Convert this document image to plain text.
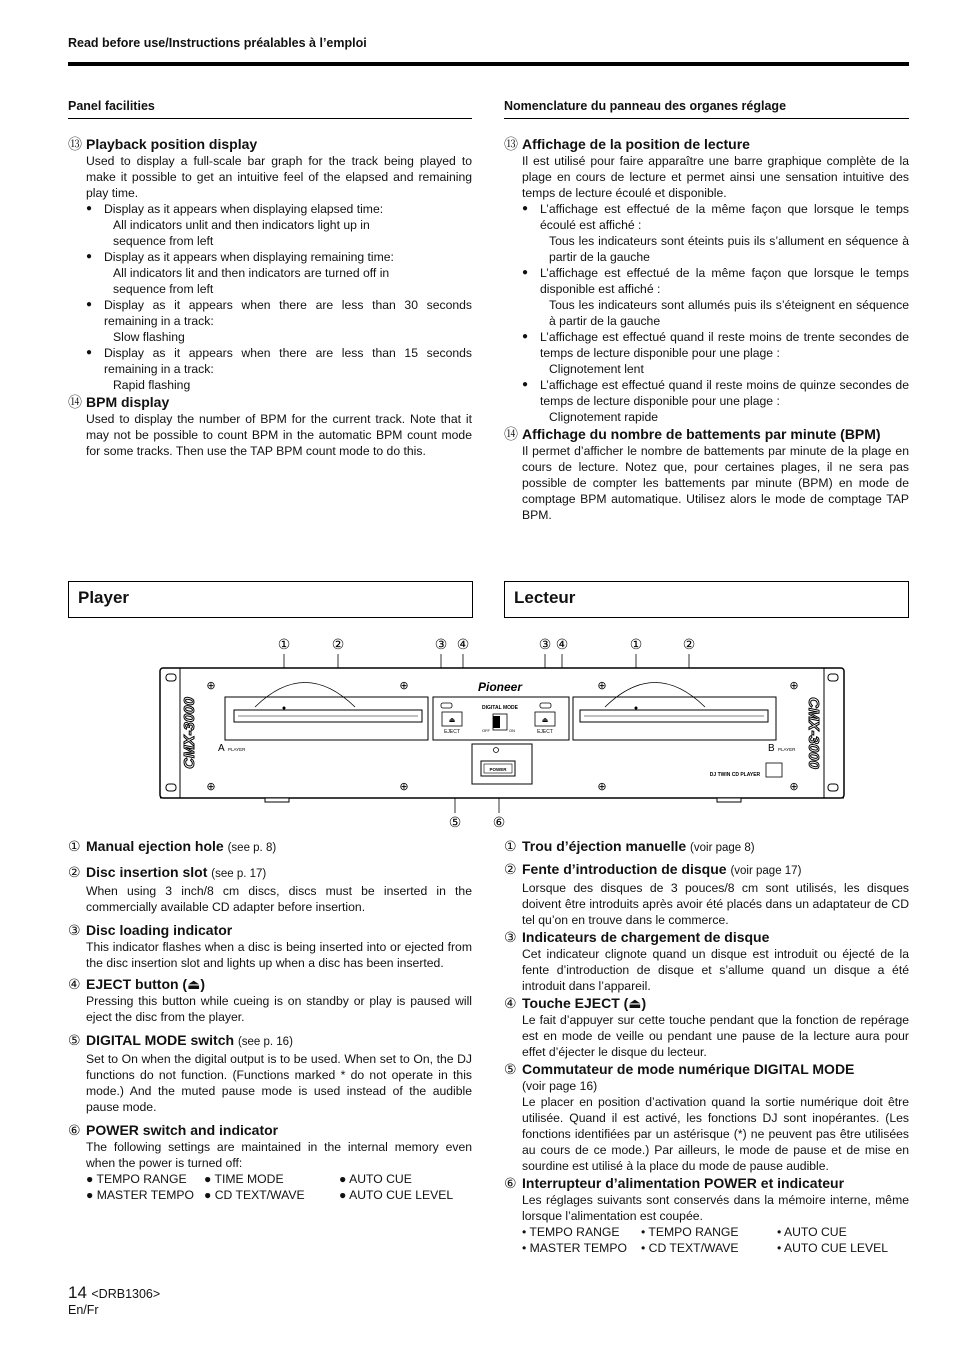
Read before use/Instructions préalables à l’emploi
Panel facilities
⑬ Playback position display

Used to display a full-scale bar graph for the track being played to make it possible to get an intuitive feel of the elapsed and remaining play time.

● Display as it appears when displaying elapsed time:

All indicators unlit and then indicators light up in

sequence from left

● Display as it appears when displaying remaining time:

All indicators lit and then indicators are turned off in

sequence from left

● Display as it appears when there are less than 30 seconds remaining in a track:

Slow flashing

● Display as it appears when there are less than 15 seconds remaining in a track:

Rapid flashing

⑭ BPM display

Used to display the number of BPM for the current track. Note that it may not be possible to count BPM in the automatic BPM count mode for some tracks. Then use the TAP BPM count mode to do this.

Nomenclature du panneau des organes réglage
⑬ Affichage de la position de lecture

Il est utilisé pour faire apparaître une barre graphique complète de la plage en cours de lecture et permet ainsi une sensation intuitive des temps de lecture écoulé et disponible.

● L’affichage est effectué de la même façon que lorsque le temps écoulé est affiché :

Tous les indicateurs sont éteints puis ils s’allument en séquence à partir de la gauche

● L’affichage est effectué de la même façon que lorsque le temps disponible est affiché :

Tous les indicateurs sont allumés puis ils s’éteignent en séquence à partir de la gauche

● L’affichage est effectué quand il reste moins de trente secondes de temps de lecture disponible pour une plage :

Clignotement lent

● L’affichage est effectué quand il reste moins de quinze secondes de temps de lecture disponible pour une plage :

Clignotement rapide

⑭ Affichage du nombre de battements par minute (BPM)

Il permet d’afficher le nombre de battements par minute de la plage en cours de lecture. Notez que, pour certaines plages, il ne sera pas possible de compter les battements par minute (BPM) en mode de comptage BPM automatique. Utilisez alors le mode de comptage TAP BPM.

Player	Lecteur
①	②	③ ④	③ ④	①	②
⑤ ⑥
CMX-3000	CMX-3000
⊕	⊕
⊕	⊕
⊕	⊕
⊕	⊕
A PLAYER	B PLAYER
DJ TWIN CD PLAYER
Pioneer
⏏	⏏
EJECT	EJECT
DIGITAL MODE
OFF	ON
POWER
① Manual ejection hole (see p. 8)
② Disc insertion slot (see p. 17)

When using 3 inch/8 cm discs, discs must be inserted in the commercially available CD adapter before insertion.

③ Disc loading indicator

This indicator flashes when a disc is being inserted into or ejected from the disc insertion slot and lights up when a disc has been inserted.

④ EJECT button (⏏)

Pressing this button while cueing is on standby or play is paused will eject the disc from the player.

⑤ DIGITAL MODE switch (see p. 16)

Set to On when the digital output is to be used. When set to On, the DJ functions do not function. (Functions marked * do not operate in this mode.) And the muted pause mode is used instead of the audible pause mode.

⑥ POWER switch and indicator

The following settings are maintained in the internal memory even when the power is turned off:

● TEMPO RANGE	● TIME MODE	● AUTO CUE
● MASTER TEMPO ● CD TEXT/WAVE	● AUTO CUE LEVEL
① Trou d’éjection manuelle (voir page 8)
② Fente d’introduction de disque (voir page 17)

Lorsque des disques de 3 pouces/8 cm sont utilisés, les disques doivent être introduits après avoir été placés dans un adaptateur de CD tel qu’on en trouve dans le commerce.

③ Indicateurs de chargement de disque

Cet indicateur clignote quand un disque est introduit ou éjecté de la fente d’introduction de disque et s’allume quand un disque a été introduit dans l’appareil.

④ Touche EJECT (⏏)

Le fait d’appuyer sur cette touche pendant que la fonction de repérage est en mode de veille ou pendant une pause de la lecture aura pour effet d’éjecter le disque du lecteur.

⑤ Commutateur de mode numérique DIGITAL MODE

(voir page 16)

Le placer en position d’activation quand la sortie numérique doit être utilisée. Quand il est activé, les fonctions DJ sont inopérantes. (Les fonctions identifiées par un astérisque (*) ne peuvent pas être utilisées au cours de ce mode.) Par ailleurs, le mode de pause et de mise en sourdine est utilisé à la place du mode de pause audible.

⑥ Interrupteur d’alimentation POWER et indicateur

Les réglages suivants sont conservés dans la mémoire interne, même lorsque l’alimentation est coupée.

• TEMPO RANGE	• TEMPO RANGE	• AUTO CUE
• MASTER TEMPO	• CD TEXT/WAVE	• AUTO CUE LEVEL
14 <DRB1306>
En/Fr
